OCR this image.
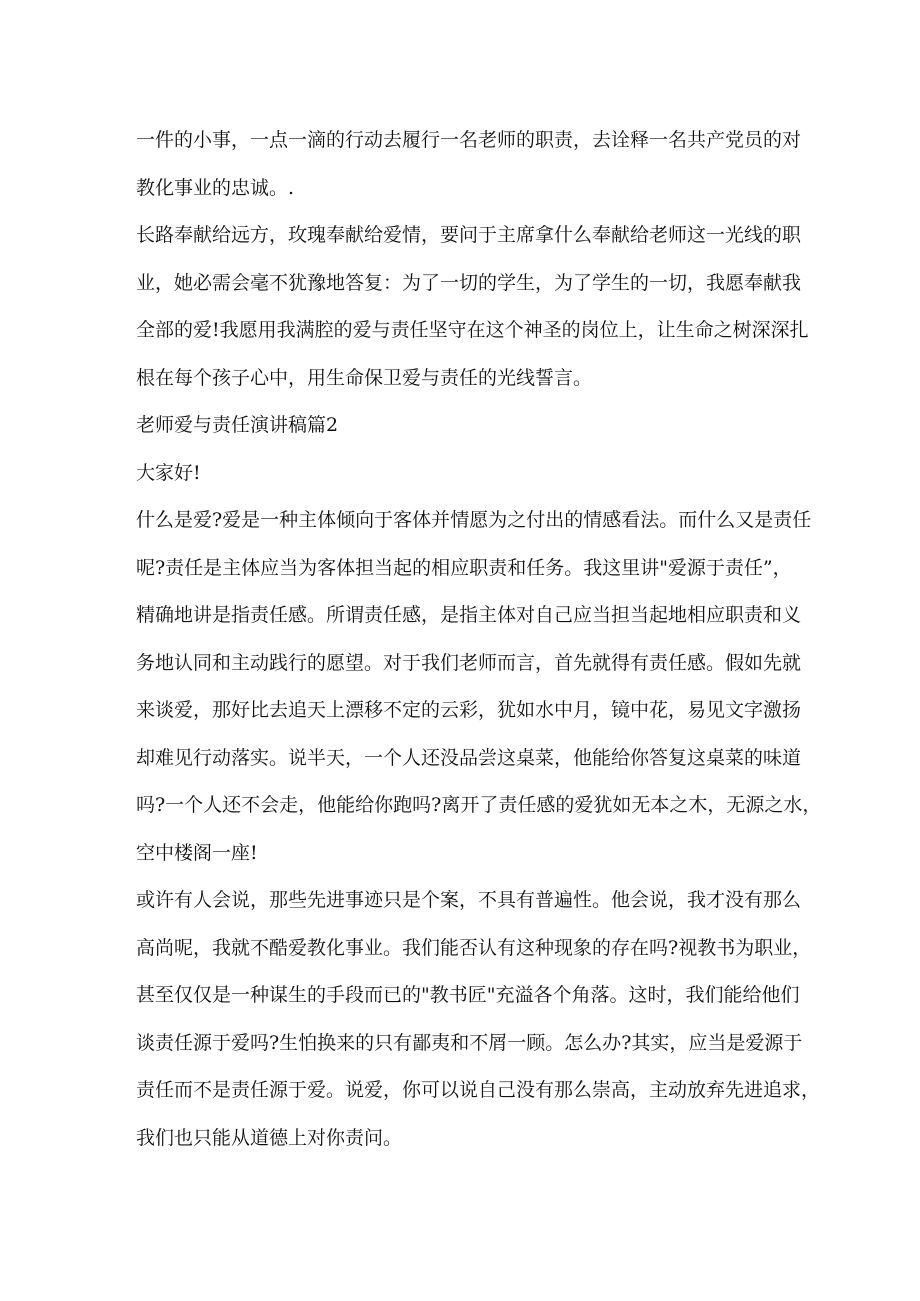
一件的小事，一点一滴的行动去履行一名老师的职责，去诠释一名共产党员的对
教化事业的忠诚。.
长路奉献给远方，玫瑰奉献给爱情，要问于主席拿什么奉献给老师这一光线的职
业，她必需会毫不犹豫地答复：为了一切的学生，为了学生的一切，我愿奉献我
全部的爱!我愿用我满腔的爱与责任坚守在这个神圣的岗位上，让生命之树深深扎
根在每个孩子心中，用生命保卫爱与责任的光线誓言。
老师爱与责任演讲稿篇2
大家好!
什么是爱?爱是一种主体倾向于客体并情愿为之付出的情感看法。而什么又是责任
呢?责任是主体应当为客体担当起的相应职责和任务。我这里讲"爱源于责任”，
精确地讲是指责任感。所谓责任感，是指主体对自己应当担当起地相应职责和义
务地认同和主动践行的愿望。对于我们老师而言，首先就得有责任感。假如先就
来谈爱，那好比去追天上漂移不定的云彩，犹如水中月，镜中花，易见文字激扬
却难见行动落实。说半天，一个人还没品尝这桌菜，他能给你答复这桌菜的味道
吗?一个人还不会走，他能给你跑吗?离开了责任感的爱犹如无本之木，无源之水，
空中楼阁一座!
或许有人会说，那些先进事迹只是个案，不具有普遍性。他会说，我才没有那么
高尚呢，我就不酷爱教化事业。我们能否认有这种现象的存在吗?视教书为职业，
甚至仅仅是一种谋生的手段而已的"教书匠"充溢各个角落。这时，我们能给他们
谈责任源于爱吗?生怕换来的只有鄙夷和不屑一顾。怎么办?其实，应当是爱源于
责任而不是责任源于爱。说爱，你可以说自己没有那么崇高，主动放弃先进追求，
我们也只能从道德上对你责问。
